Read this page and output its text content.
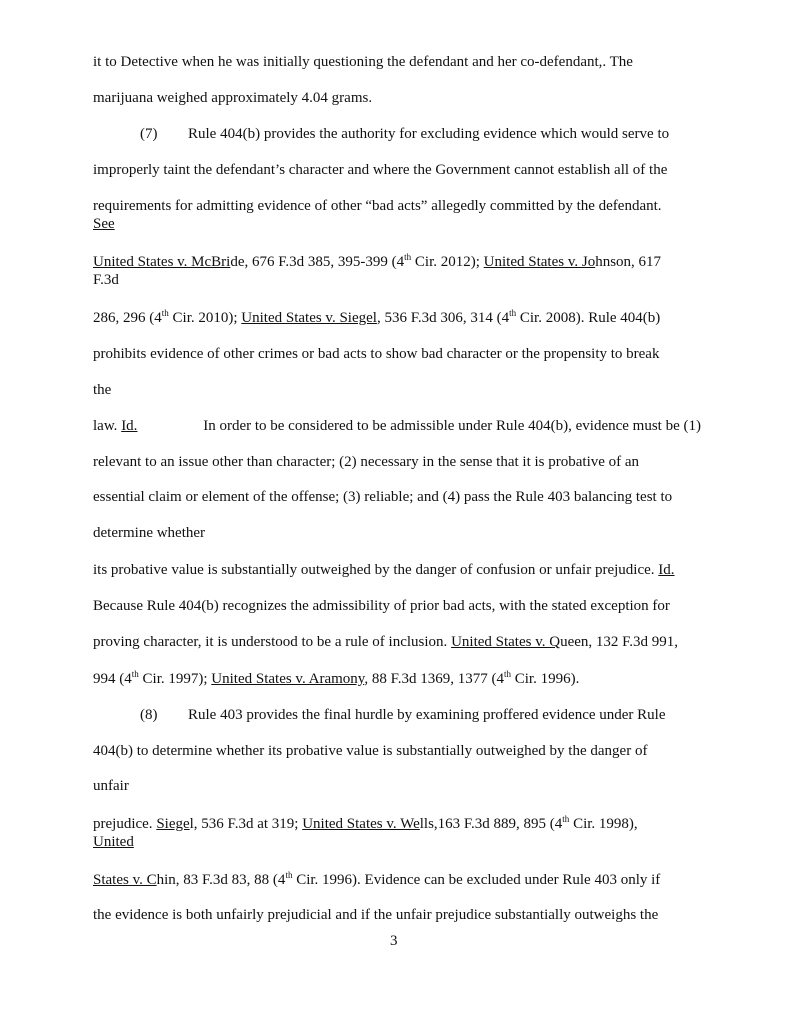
it to Detective when he was initially questioning the defendant and her co-defendant,. The
marijuana weighed approximately 4.04 grams.
(7) Rule 404(b) provides the authority for excluding evidence which would serve to
improperly taint the defendant’s character and where the Government cannot establish all of the
requirements for admitting evidence of other “bad acts” allegedly committed by the defendant.
See
United States v. McBride, 676 F.3d 385, 395-399 (4th Cir. 2012); United States v. Johnson, 617
F.3d
286, 296 (4th Cir. 2010); United States v. Siegel, 536 F.3d 306, 314 (4th Cir. 2008). Rule 404(b)
prohibits evidence of other crimes or bad acts to show bad character or the propensity to break
the
law. Id.	In order to be considered to be admissible under Rule 404(b), evidence must be (1)
relevant to an issue other than character; (2) necessary in the sense that it is probative of an
essential claim or element of the offense; (3) reliable; and (4) pass the Rule 403 balancing test to
determine whether
its probative value is substantially outweighed by the danger of confusion or unfair prejudice. Id.
Because Rule 404(b) recognizes the admissibility of prior bad acts, with the stated exception for
proving character, it is understood to be a rule of inclusion. United States v. Queen, 132 F.3d 991,
994 (4th Cir. 1997); United States v. Aramony, 88 F.3d 1369, 1377 (4th Cir. 1996).
(8) Rule 403 provides the final hurdle by examining proffered evidence under Rule
404(b) to determine whether its probative value is substantially outweighed by the danger of
unfair
prejudice. Siegel, 536 F.3d at 319; United States v. Wells,163 F.3d 889, 895 (4th Cir. 1998),
United
States v. Chin, 83 F.3d 83, 88 (4th Cir. 1996). Evidence can be excluded under Rule 403 only if
the evidence is both unfairly prejudicial and if the unfair prejudice substantially outweighs the
3
